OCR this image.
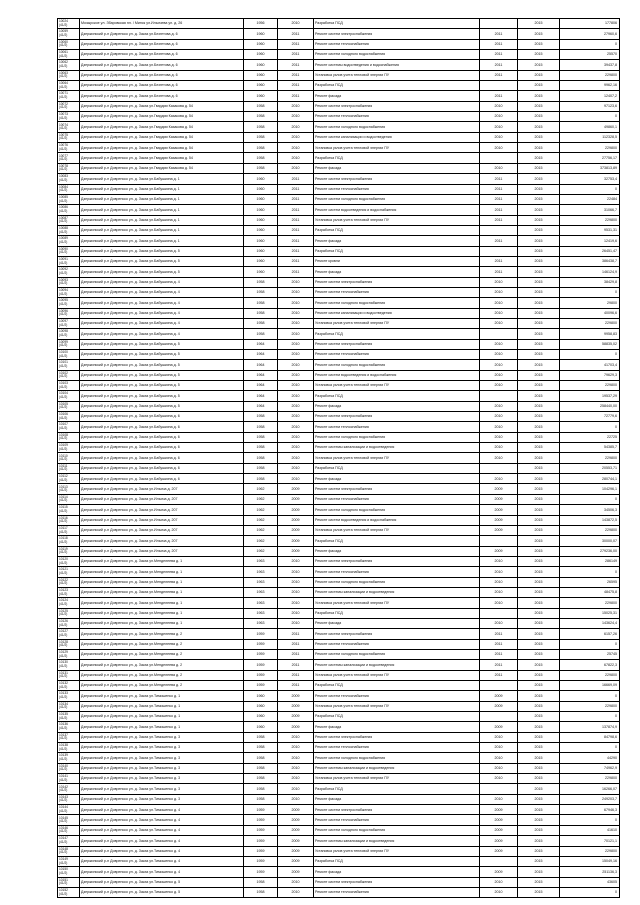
10024
(41/2)	Мозырское ул. Збаровская пл. / Mинск ул.Ильичева ул. д. 26	1956	2010	Разработка ПСД		2015	177806
10059
(41/2)	Дзержинский р-н Довренско ул. д. Заказ ул.Безгетова д. 6	1960	2011	Ремонт систем электроснабжения	2011	2015	27960,6
10060
(41/2)	Дзержинский р-н Довренско ул. д. Заказ ул.Безгетова д. 6	1960	2011	Ремонт систем теплоснабжения	2011	2015	0
10061
(41/2)	Дзержинский р-н Довренско ул. д. Заказ ул.Безгетова д. 6	1960	2011	Ремонт систем холодного водоснабжения	2011	2015	25570
10062
(41/2)	Дзержинский р-н Довренско ул. д. Заказ ул.Безгетова д. 6	1960	2011	Ремонт системы водоотведения и водоснабжения	2011	2015	39437,8
10063
(41/2)	Дзержинский р-н Довренско ул. д. Заказ ул.Безгетова д. 6	1960	2011	Установка узлов учета тепловой энергии ПУ	2011	2015	229800
10064
(41/2)	Дзержинский р-н Довренско ул. д. Заказ ул.Безгетова д. 6	1960	2011	Разработка ПСД		2015	9962,16
10071
(41/2)	Дзержинский р-н Довренско ул. д. Заказ ул.Безгетова д. 6	1960	2011	Ремонт фасада	2011	2015	12407,2
10072
(41/2)	Дзержинский р-н Довренско ул. д. Заказ ул.Гвардии Казакова д. 54	1958	2010	Ремонт систем электроснабжения	2010	2015	97123,6
10073
(41/2)	Дзержинский р-н Довренско ул. д. Заказ ул.Гвардии Казакова д. 54	1958	2010	Ремонт систем теплоснабжения	2010	2015	0
10074
(41/2)	Дзержинский р-н Довренско ул. д. Заказ ул.Гвардии Казакова д. 54	1958	2010	Ремонт систем холодного водоснабжения	2010	2015	49860,1
10075
(41/2)	Дзержинский р-н Довренско ул. д. Заказ ул.Гвардии Казакова д. 54	1958	2010	Ремонт систем канализации и водоотведения	2010	2015	112328,5
10076
(41/2)	Дзержинский р-н Довренско ул. д. Заказ ул.Гвардии Казакова д. 54	1958	2010	Установка узлов учета тепловой энергии ПУ	2010	2015	229800
10077
(41/2)	Дзержинский р-н Довренско ул. д. Заказ ул.Гвардии Казакова д. 54	1958	2010	Разработка ПСД		2015	27756,17
10078
(41/2)	Дзержинский р-н Довренско ул. д. Заказ ул.Гвардии Казакова д. 54	1958	2010	Ремонт фасада	2010	2015	373813,89
10083
(41/2)	Дзержинский р-н Довренско ул. д. Заказ ул.Бабушкина д. 1	1960	2011	Ремонт систем электроснабжения	2011	2015	32753,4
10084
(41/2)	Дзержинский р-н Довренско ул. д. Заказ ул.Бабушкина д. 1	1960	2011	Ремонт систем теплоснабжения	2011	2015	0
10085
(41/2)	Дзержинский р-н Довренско ул. д. Заказ ул.Бабушкина д. 1	1960	2011	Ремонт систем холодного водоснабжения	2011	2015	22484
10086
(41/2)	Дзержинский р-н Довренско ул. д. Заказ ул.Бабушкина д. 1	1960	2011	Ремонт систем водоотведения и водоснабжения	2011	2015	31066,7
10087
(41/2)	Дзержинский р-н Довренско ул. д. Заказ ул.Бабушкина д. 1	1960	2011	Установка узлов учета тепловой энергии ПУ	2011	2015	229800
10088
(41/2)	Дзержинский р-н Довренско ул. д. Заказ ул.Бабушкина д. 1	1960	2011	Разработка ПСД		2015	9531,31
10089
(41/2)	Дзержинский р-н Довренско ул. д. Заказ ул.Бабушкина д. 1	1960	2011	Ремонт фасада	2011	2015	12419,6
10090
(41/2)	Дзержинский р-н Довренско ул. д. Заказ ул.Бабушкина д. 5	1960	2011	Разработка ПСД		2015	26451,47
10091
(41/2)	Дзержинский р-н Довренско ул. д. Заказ ул.Бабушкина д. 5	1960	2011	Ремонт кровли	2011	2015	386438,7
10092
(41/2)	Дзержинский р-н Довренско ул. д. Заказ ул.Бабушкина д. 5	1960	2011	Ремонт фасада	2011	2015	146124,9
10093
(41/2)	Дзержинский р-н Довренско ул. д. Заказ ул.Бабушкина д. 4	1958	2010	Ремонт систем электроснабжения	2010	2015	38429,8
10094
(41/2)	Дзержинский р-н Довренско ул. д. Заказ ул.Бабушкина д. 4	1958	2010	Ремонт систем теплоснабжения	2010	2015	0
10095
(41/2)	Дзержинский р-н Довренско ул. д. Заказ ул.Бабушкина д. 4	1958	2010	Ремонт систем холодного водоснабжения	2010	2015	29800
10096
(41/2)	Дзержинский р-н Довренско ул. д. Заказ ул.Бабушкина д. 4	1958	2010	Ремонт систем канализации и водоотведения	2010	2015	40096,6
10097
(41/2)	Дзержинский р-н Довренско ул. д. Заказ ул.Бабушкина д. 4	1958	2010	Установка узлов учета тепловой энергии ПУ	2010	2015	229800
10098
(41/2)	Дзержинский р-н Довренско ул. д. Заказ ул.Бабушкина д. 4	1958	2010	Разработка ПСД		2015	9958,83
10099
(41/2)	Дзержинский р-н Довренско ул. д. Заказ ул.Бабушкина д. 5	1964	2010	Ремонт систем электроснабжения	2010	2015	58835,02
10100
(41/2)	Дзержинский р-н Довренско ул. д. Заказ ул.Бабушкина д. 5	1964	2010	Ремонт систем теплоснабжения	2010	2015	0
10101
(41/2)	Дзержинский р-н Довренско ул. д. Заказ ул.Бабушкина д. 5	1964	2010	Ремонт систем холодного водоснабжения	2010	2015	41703,4
10102
(41/2)	Дзержинский р-н Довренско ул. д. Заказ ул.Бабушкина д. 5	1964	2010	Ремонт систем водоотведения и водоснабжения	2010	2015	79629,3
10103
(41/2)	Дзержинский р-н Довренско ул. д. Заказ ул.Бабушкина д. 5	1964	2010	Установка узлов учета тепловой энергии ПУ	2010	2015	229800
10104
(41/2)	Дзержинский р-н Довренско ул. д. Заказ ул.Бабушкина д. 5	1964	2010	Разработка ПСД		2015	19537,29
10105
(41/2)	Дзержинский р-н Довренско ул. д. Заказ ул.Бабушкина д. 5	1964	2010	Ремонт фасада	2010	2015	258440,00
10106
(41/2)	Дзержинский р-н Довренско ул. д. Заказ ул.Бабушкина д. 6	1958	2010	Ремонт систем электроснабжения	2010	2015	72779,6
10107
(41/2)	Дзержинский р-н Довренско ул. д. Заказ ул.Бабушкина д. 6	1958	2010	Ремонт систем теплоснабжения	2010	2015	0
10108
(41/2)	Дзержинский р-н Довренско ул. д. Заказ ул.Бабушкина д. 6	1958	2010	Ремонт систем холодного водоснабжения	2010	2015	22725
10109
(41/2)	Дзержинский р-н Довренско ул. д. Заказ ул.Бабушкина д. 6	1958	2010	Ремонт системы канализации и водоотведения	2010	2015	54385,7
10110
(41/2)	Дзержинский р-н Довренско ул. д. Заказ ул.Бабушкина д. 6	1958	2010	Установка узлов учета тепловой энергии ПУ	2010	2015	229800
10111
(41/2)	Дзержинский р-н Довренско ул. д. Заказ ул.Бабушкина д. 6	1958	2010	Разработка ПСД		2015	20553,71
10112
(41/2)	Дзержинский р-н Довренско ул. д. Заказ ул.Бабушкина д. 6	1958	2010	Ремонт фасада	2010	2015	280744,1
10113
(41/2)	Дзержинский р-н Довренско ул. д. Заказ ул.Ильича д. 207	1962	2009	Ремонт систем электроснабжения	2009	2015	104296,1
10114
(41/2)	Дзержинский р-н Довренско ул. д. Заказ ул.Ильича д. 207	1962	2009	Ремонт систем теплоснабжения	2009	2015	0
10115
(41/2)	Дзержинский р-н Довренско ул. д. Заказ ул.Ильича д. 207	1962	2009	Ремонт систем холодного водоснабжения	2009	2015	34506,3
10116
(41/2)	Дзержинский р-н Довренско ул. д. Заказ ул.Ильича д. 207	1962	2009	Ремонт систем водоотведения и водоснабжения	2009	2015	143872,5
10117
(41/2)	Дзержинский р-н Довренско ул. д. Заказ ул.Ильича д. 207	1962	2009	Установка узлов учета тепловой энергии ПУ	2009	2015	229800
10118
(41/2)	Дзержинский р-н Довренско ул. д. Заказ ул.Ильича д. 207	1962	2009	Разработка ПСД		2015	30000,07
10119
(41/2)	Дзержинский р-н Довренско ул. д. Заказ ул.Ильича д. 207	1962	2009	Ремонт фасада	2009	2015	279236,00
10120
(41/2)	Дзержинский р-н Довренско ул. д. Заказ ул.Менделеева д. 1	1963	2010	Ремонт систем электроснабжения	2010	2015	286149
10121
(41/2)	Дзержинский р-н Довренско ул. д. Заказ ул.Менделеева д. 1	1963	2010	Ремонт систем теплоснабжения	2010	2015	0
10122
(41/2)	Дзержинский р-н Довренско ул. д. Заказ ул.Менделеева д. 1	1963	2010	Ремонт систем холодного водоснабжения	2010	2015	26595
10123
(41/2)	Дзержинский р-н Довренско ул. д. Заказ ул.Менделеева д. 1	1963	2010	Ремонт системы канализации и водоотведения	2010	2015	48475,8
10124
(41/2)	Дзержинский р-н Довренско ул. д. Заказ ул.Менделеева д. 1	1963	2010	Установка узлов учета тепловой энергии ПУ	2010	2015	229800
10125
(41/2)	Дзержинский р-н Довренско ул. д. Заказ ул.Менделеева д. 1	1963	2010	Разработка ПСД		2015	15025,31
10126
(41/2)	Дзержинский р-н Довренско ул. д. Заказ ул.Менделеева д. 1	1963	2010	Ремонт фасада	2010	2015	143624,4
10127
(41/2)	Дзержинский р-н Довренско ул. д. Заказ ул.Менделеева д. 2	1959	2011	Ремонт систем электроснабжения	2011	2015	6157,26
10128
(41/2)	Дзержинский р-н Довренско ул. д. Заказ ул.Менделеева д. 2	1959	2011	Ремонт систем теплоснабжения	2011	2015	0
10129
(41/2)	Дзержинский р-н Довренско ул. д. Заказ ул.Менделеева д. 2	1959	2011	Ремонт систем холодного водоснабжения	2011	2015	25745
10130
(41/2)	Дзержинский р-н Довренско ул. д. Заказ ул.Менделеева д. 2	1959	2011	Ремонт системы канализации и водоотведения	2011	2015	67822,3
10131
(41/2)	Дзержинский р-н Довренско ул. д. Заказ ул.Менделеева д. 2	1959	2011	Установка узлов учета тепловой энергии ПУ	2011	2015	229800
10132
(41/2)	Дзержинский р-н Довренско ул. д. Заказ ул.Менделеева д. 2	1959	2011	Разработка ПСД		2015	16669,09
10133
(41/2)	Дзержинский р-н Довренско ул. д. Заказ ул.Тимошенко д. 1	1960	2009	Ремонт систем теплоснабжения	2009	2015	0
10134
(41/2)	Дзержинский р-н Довренско ул. д. Заказ ул.Тимошенко д. 1	1960	2009	Установка узлов учета тепловой энергии ПУ	2009	2015	229800
10135
(41/2)	Дзержинский р-н Довренско ул. д. Заказ ул.Тимошенко д. 1	1960	2009	Разработка ПСД		2015	0
10136
(41/2)	Дзержинский р-н Довренско ул. д. Заказ ул.Тимошенко д. 1	1960	2009	Ремонт фасада	2009	2015	137874,9
10137
(41/2)	Дзержинский р-н Довренско ул. д. Заказ ул.Тимошенко д. 3	1958	2010	Ремонт систем электроснабжения	2010	2015	84798,6
10138
(41/2)	Дзержинский р-н Довренско ул. д. Заказ ул.Тимошенко д. 3	1958	2010	Ремонт систем теплоснабжения	2010	2015	0
10139
(41/2)	Дзержинский р-н Довренско ул. д. Заказ ул.Тимошенко д. 3	1958	2010	Ремонт систем холодного водоснабжения	2010	2015	44290
10140
(41/2)	Дзержинский р-н Довренско ул. д. Заказ ул.Тимошенко д. 3	1958	2010	Ремонт системы канализации и водоотведения	2010	2015	74962,9
10141
(41/2)	Дзержинский р-н Довренско ул. д. Заказ ул.Тимошенко д. 3	1958	2010	Установка узлов учета тепловой энергии ПУ	2010	2015	229800
10142
(41/2)	Дзержинский р-н Довренско ул. д. Заказ ул.Тимошенко д. 3	1958	2010	Разработка ПСД		2015	16266,07
10143
(41/2)	Дзержинский р-н Довренско ул. д. Заказ ул.Тимошенко д. 3	1958	2010	Ремонт фасада	2010	2015	249203,7
10144
(41/2)	Дзержинский р-н Довренско ул. д. Заказ ул.Тимошенко д. 4	1959	2009	Ремонт систем электроснабжения	2009	2015	67946,3
10145
(41/2)	Дзержинский р-н Довренско ул. д. Заказ ул.Тимошенко д. 4	1959	2009	Ремонт систем теплоснабжения	2009	2015	0
10146
(41/2)	Дзержинский р-н Довренско ул. д. Заказ ул.Тимошенко д. 4	1959	2009	Ремонт систем холодного водоснабжения	2009	2015	41610
10147
(41/2)	Дзержинский р-н Довренско ул. д. Заказ ул.Тимошенко д. 4	1959	2009	Ремонт системы канализации и водоотведения	2009	2015	70121,1
10148
(41/2)	Дзержинский р-н Довренско ул. д. Заказ ул.Тимошенко д. 4	1959	2009	Установка узлов учета тепловой энергии ПУ	2009	2015	229800
10149
(41/2)	Дзержинский р-н Довренско ул. д. Заказ ул.Тимошенко д. 4	1959	2009	Разработка ПСД		2015	15049,16
10150
(41/2)	Дзержинский р-н Довренско ул. д. Заказ ул.Тимошенко д. 4	1959	2009	Ремонт фасада	2009	2015	251136,3
10151
(41/2)	Дзержинский р-н Довренско ул. д. Заказ ул.Тимошенко д. 5	1958	2010	Ремонт систем электроснабжения	2010	2015	43605
10152
(41/2)	Дзержинский р-н Довренско ул. д. Заказ ул.Тимошенко д. 5	1958	2010	Ремонт систем теплоснабжения	2010	2015	0
